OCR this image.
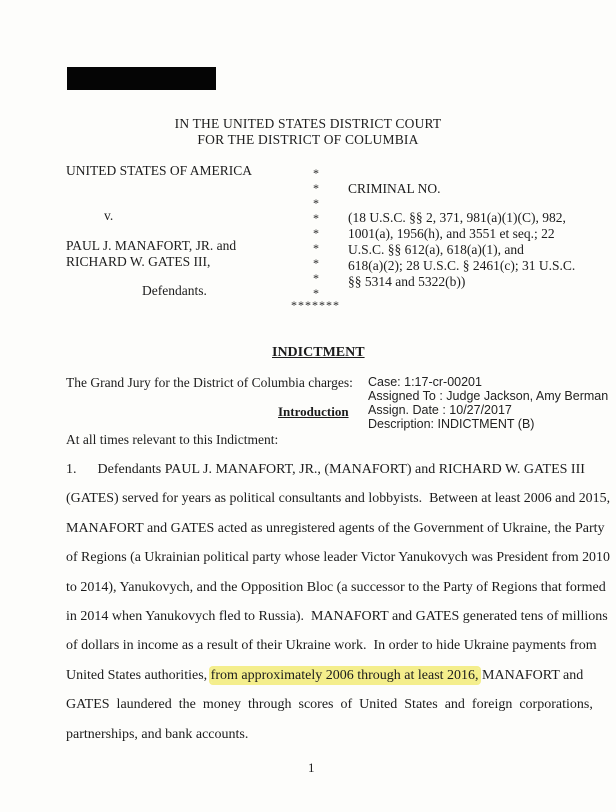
IN THE UNITED STATES DISTRICT COURT
FOR THE DISTRICT OF COLUMBIA
UNITED STATES OF AMERICA
v.
PAUL J. MANAFORT, JR. and
RICHARD W. GATES III,
Defendants.
*
*
*
*
*
*
*
*
*
*******
CRIMINAL NO.
(18 U.S.C. §§ 2, 371, 981(a)(1)(C), 982,
1001(a), 1956(h), and 3551 et seq.; 22
U.S.C. §§ 612(a), 618(a)(1), and
618(a)(2); 28 U.S.C. § 2461(c); 31 U.S.C.
§§ 5314 and 5322(b))
INDICTMENT
The Grand Jury for the District of Columbia charges:
Introduction
Case: 1:17-cr-00201
Assigned To : Judge Jackson, Amy Berman
Assign. Date : 10/27/2017
Description: INDICTMENT (B)
At all times relevant to this Indictment:
1.      Defendants PAUL J. MANAFORT, JR., (MANAFORT) and RICHARD W. GATES III
(GATES) served for years as political consultants and lobbyists.  Between at least 2006 and 2015,
MANAFORT and GATES acted as unregistered agents of the Government of Ukraine, the Party
of Regions (a Ukrainian political party whose leader Victor Yanukovych was President from 2010
to 2014), Yanukovych, and the Opposition Bloc (a successor to the Party of Regions that formed
in 2014 when Yanukovych fled to Russia).  MANAFORT and GATES generated tens of millions
of dollars in income as a result of their Ukraine work.  In order to hide Ukraine payments from
United States authorities, from approximately 2006 through at least 2016, MANAFORT and
GATES  laundered  the  money  through  scores  of  United  States  and  foreign  corporations,
partnerships, and bank accounts.
1
